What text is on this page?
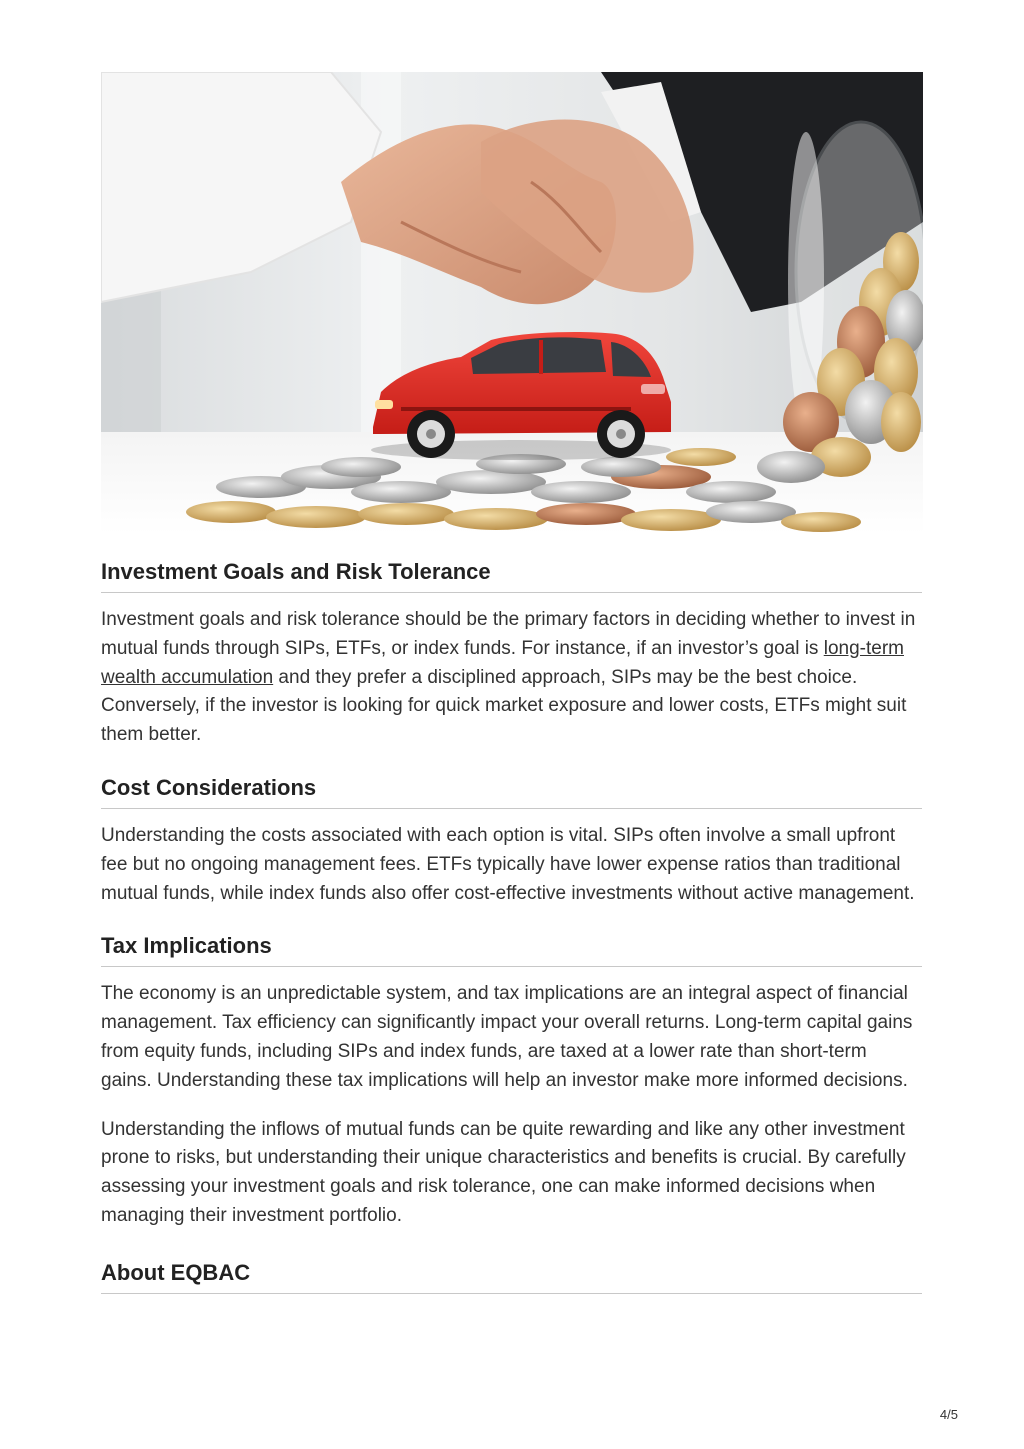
Investment Goals and Risk Tolerance

Investment goals and risk tolerance should be the primary factors in deciding whether to invest in mutual funds through SIPs, ETFs, or index funds. For instance, if an investor’s goal is long-term wealth accumulation and they prefer a disciplined approach, SIPs may be the best choice. Conversely, if the investor is looking for quick market exposure and lower costs, ETFs might suit them better.

Cost Considerations

Understanding the costs associated with each option is vital. SIPs often involve a small upfront fee but no ongoing management fees. ETFs typically have lower expense ratios than traditional mutual funds, while index funds also offer cost-effective investments without active management.

Tax Implications

The economy is an unpredictable system, and tax implications are an integral aspect of financial management. Tax efficiency can significantly impact your overall returns. Long-term capital gains from equity funds, including SIPs and index funds, are taxed at a lower rate than short-term gains. Understanding these tax implications will help an investor make more informed decisions.

Understanding the inflows of mutual funds can be quite rewarding and like any other investment prone to risks, but understanding their unique characteristics and benefits is crucial. By carefully assessing your investment goals and risk tolerance, one can make informed decisions when managing their investment portfolio.

About EQBAC
4/5
